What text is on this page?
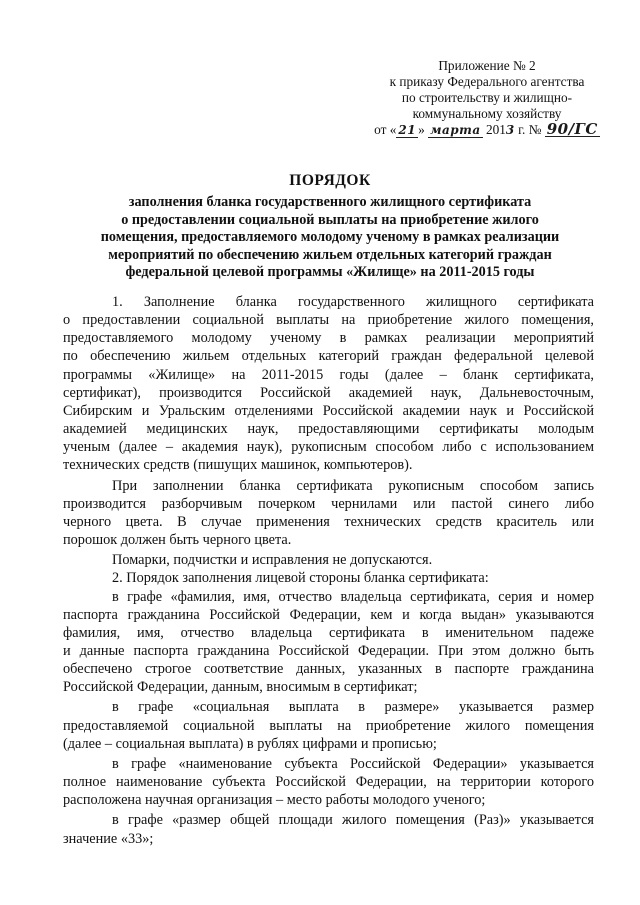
Приложение № 2
к приказу Федерального агентства
по строительству и жилищно-
коммунальному хозяйству
от « 21 » марта 2013 г. № 90/ГС
ПОРЯДОК
заполнения бланка государственного жилищного сертификата
о предоставлении социальной выплаты на приобретение жилого
помещения, предоставляемого молодому ученому в рамках реализации
мероприятий по обеспечению жильем отдельных категорий граждан
федеральной целевой программы «Жилище» на 2011-2015 годы
1. Заполнение бланка государственного жилищного сертификата
о предоставлении социальной выплаты на приобретение жилого помещения,
предоставляемого молодому ученому в рамках реализации мероприятий
по обеспечению жильем отдельных категорий граждан федеральной целевой
программы «Жилище» на 2011-2015 годы (далее – бланк сертификата,
сертификат), производится Российской академией наук, Дальневосточным,
Сибирским и Уральским отделениями Российской академии наук и Российской
академией медицинских наук, предоставляющими сертификаты молодым
ученым (далее – академия наук), рукописным способом либо с использованием
технических средств (пишущих машинок, компьютеров).
При заполнении бланка сертификата рукописным способом запись
производится разборчивым почерком чернилами или пастой синего либо
черного цвета. В случае применения технических средств краситель или
порошок должен быть черного цвета.
Помарки, подчистки и исправления не допускаются.
2. Порядок заполнения лицевой стороны бланка сертификата:
в графе «фамилия, имя, отчество владельца сертификата, серия и номер
паспорта гражданина Российской Федерации, кем и когда выдан» указываются
фамилия, имя, отчество владельца сертификата в именительном падеже
и данные паспорта гражданина Российской Федерации. При этом должно быть
обеспечено строгое соответствие данных, указанных в паспорте гражданина
Российской Федерации, данным, вносимым в сертификат;
в графе «социальная выплата в размере» указывается размер
предоставляемой социальной выплаты на приобретение жилого помещения
(далее – социальная выплата) в рублях цифрами и прописью;
в графе «наименование субъекта Российской Федерации» указывается
полное наименование субъекта Российской Федерации, на территории которого
расположена научная организация – место работы молодого ученого;
в графе «размер общей площади жилого помещения (Раз)» указывается
значение «33»;
